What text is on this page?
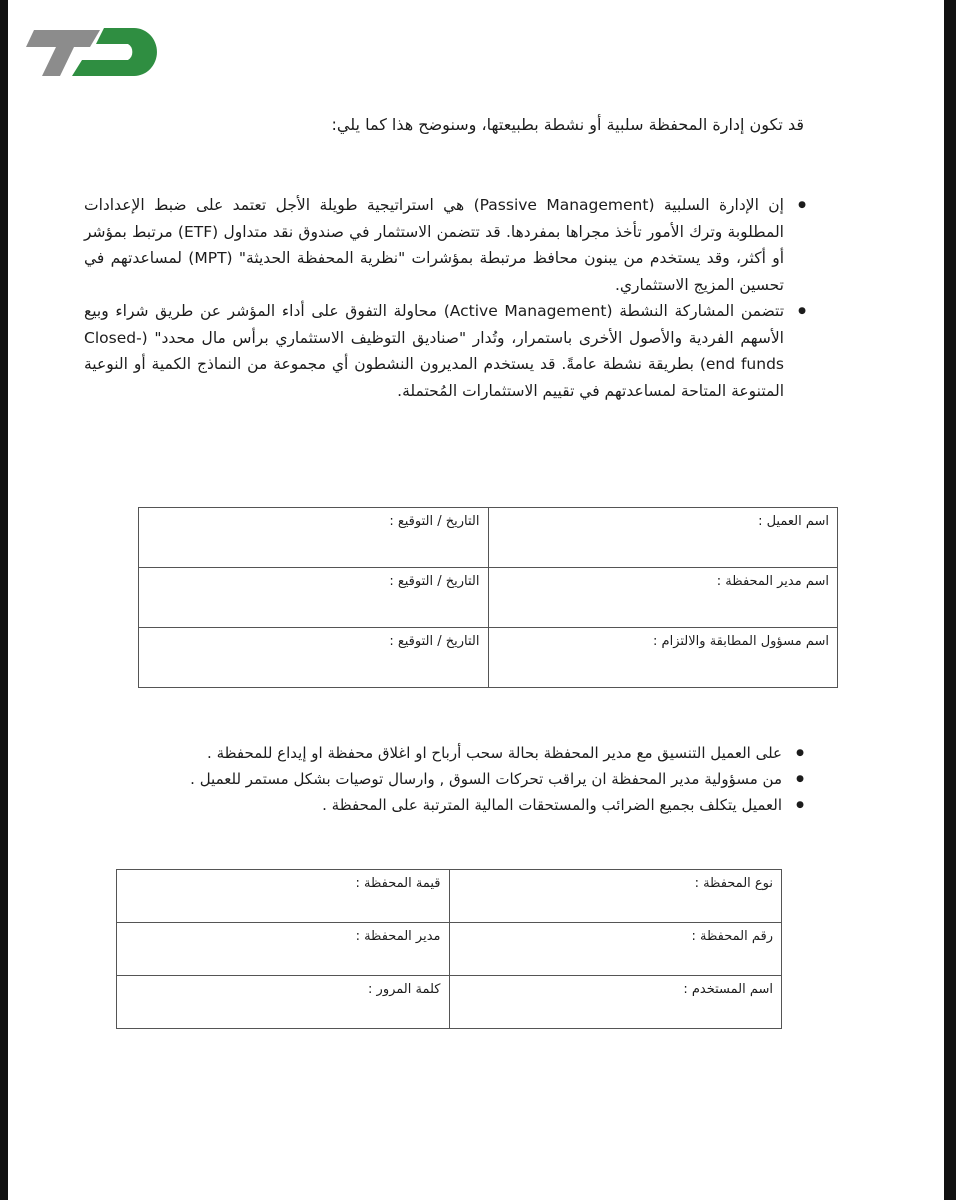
قد تكون إدارة المحفظة سلبية أو نشطة بطبيعتها، وسنوضح هذا كما يلي:
● إن الإدارة السلبية (Passive Management) هي استراتيجية طويلة الأجل تعتمد على ضبط الإعدادات المطلوبة وترك الأمور تأخذ مجراها بمفردها. قد تتضمن الاستثمار في صندوق نقد متداول (ETF) مرتبط بمؤشر أو أكثر، وقد يستخدم من يبنون محافظ مرتبطة بمؤشرات "نظرية المحفظة الحديثة" (MPT) لمساعدتهم في تحسين المزيج الاستثماري.
● تتضمن المشاركة النشطة (Active Management) محاولة التفوق على أداء المؤشر عن طريق شراء وبيع الأسهم الفردية والأصول الأخرى باستمرار، وتُدار "صناديق التوظيف الاستثماري برأس مال محدد" (Closed-end funds) بطريقة نشطة عامةً. قد يستخدم المديرون النشطون أي مجموعة من النماذج الكمية أو النوعية المتنوعة المتاحة لمساعدتهم في تقييم الاستثمارات المُحتملة.
اسم العميل :	التاريخ / التوقيع :
اسم مدير المحفظة :	التاريخ / التوقيع :
اسم مسؤول المطابقة والالتزام :	التاريخ / التوقيع :
● على العميل التنسيق مع مدير المحفظة بحالة سحب أرباح او اغلاق محفظة او إيداع للمحفظة .
● من مسؤولية مدير المحفظة ان يراقب تحركات السوق , وارسال توصيات بشكل مستمر للعميل .
● العميل يتكلف بجميع الضرائب والمستحقات المالية المترتبة على المحفظة .
نوع المحفظة :	قيمة المحفظة :
رقم المحفظة :	مدير المحفظة :
اسم المستخدم :	كلمة المرور :
